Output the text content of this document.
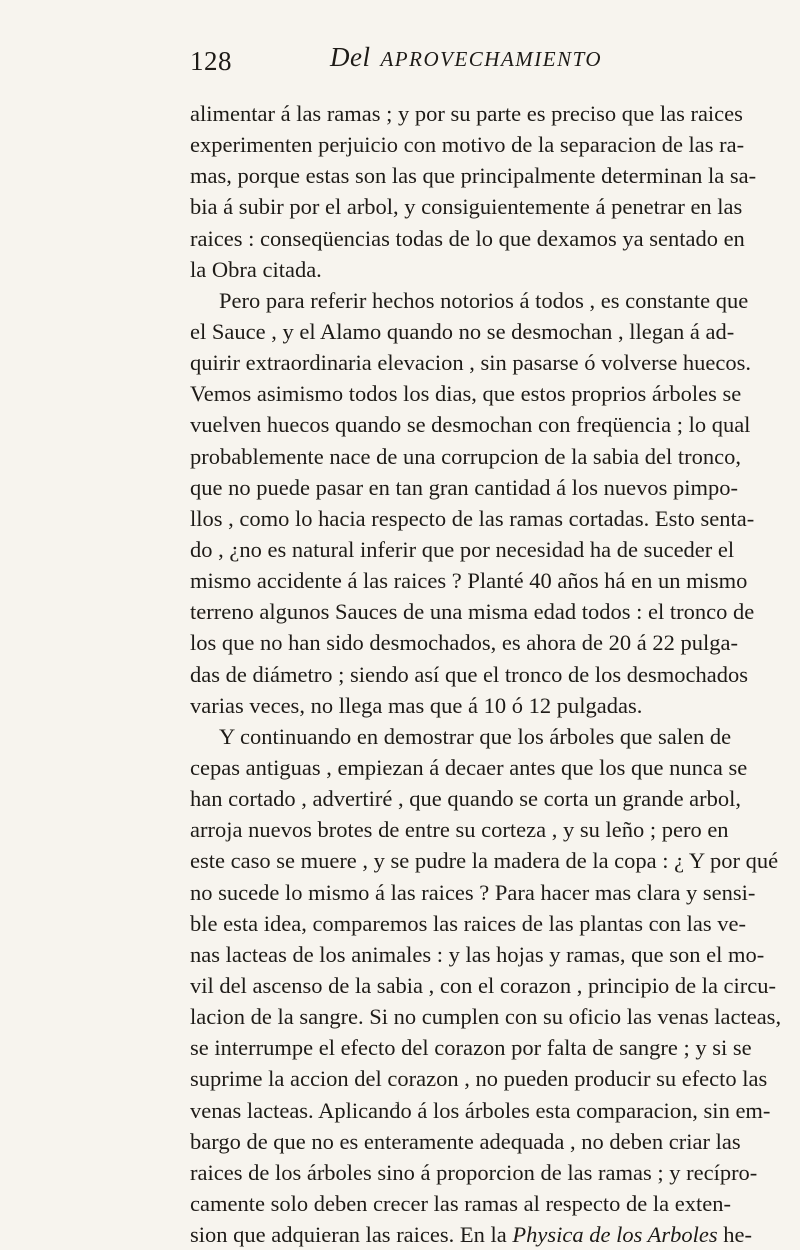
128	Del APROVECHAMIENTO
alimentar á las ramas ; y por su parte es preciso que las raices
experimenten perjuicio con motivo de la separacion de las ra-
mas, porque estas son las que principalmente determinan la sa-
bia á subir por el arbol, y consiguientemente á penetrar en las
raices : conseqüencias todas de lo que dexamos ya sentado en
la Obra citada.
Pero para referir hechos notorios á todos , es constante que
el Sauce , y el Alamo quando no se desmochan , llegan á ad-
quirir extraordinaria elevacion , sin pasarse ó volverse huecos.
Vemos asimismo todos los dias, que estos proprios árboles se
vuelven huecos quando se desmochan con freqüencia ; lo qual
probablemente nace de una corrupcion de la sabia del tronco,
que no puede pasar en tan gran cantidad á los nuevos pimpo-
llos , como lo hacia respecto de las ramas cortadas. Esto senta-
do , ¿no es natural inferir que por necesidad ha de suceder el
mismo accidente á las raices ? Planté 40 años há en un mismo
terreno algunos Sauces de una misma edad todos : el tronco de
los que no han sido desmochados, es ahora de 20 á 22 pulga-
das de diámetro ; siendo así que el tronco de los desmochados
varias veces, no llega mas que á 10 ó 12 pulgadas.
Y continuando en demostrar que los árboles que salen de
cepas antiguas , empiezan á decaer antes que los que nunca se
han cortado , advertiré , que quando se corta un grande arbol,
arroja nuevos brotes de entre su corteza , y su leño ; pero en
este caso se muere , y se pudre la madera de la copa : ¿ Y por qué
no sucede lo mismo á las raices ? Para hacer mas clara y sensi-
ble esta idea, comparemos las raices de las plantas con las ve-
nas lacteas de los animales : y las hojas y ramas, que son el mo-
vil del ascenso de la sabia , con el corazon , principio de la circu-
lacion de la sangre. Si no cumplen con su oficio las venas lacteas,
se interrumpe el efecto del corazon por falta de sangre ; y si se
suprime la accion del corazon , no pueden producir su efecto las
venas lacteas. Aplicando á los árboles esta comparacion, sin em-
bargo de que no es enteramente adequada , no deben criar las
raices de los árboles sino á proporcion de las ramas ; y recípro-
camente solo deben crecer las ramas al respecto de la exten-
sion que adquieran las raices. En la Physica de los Arboles he-
